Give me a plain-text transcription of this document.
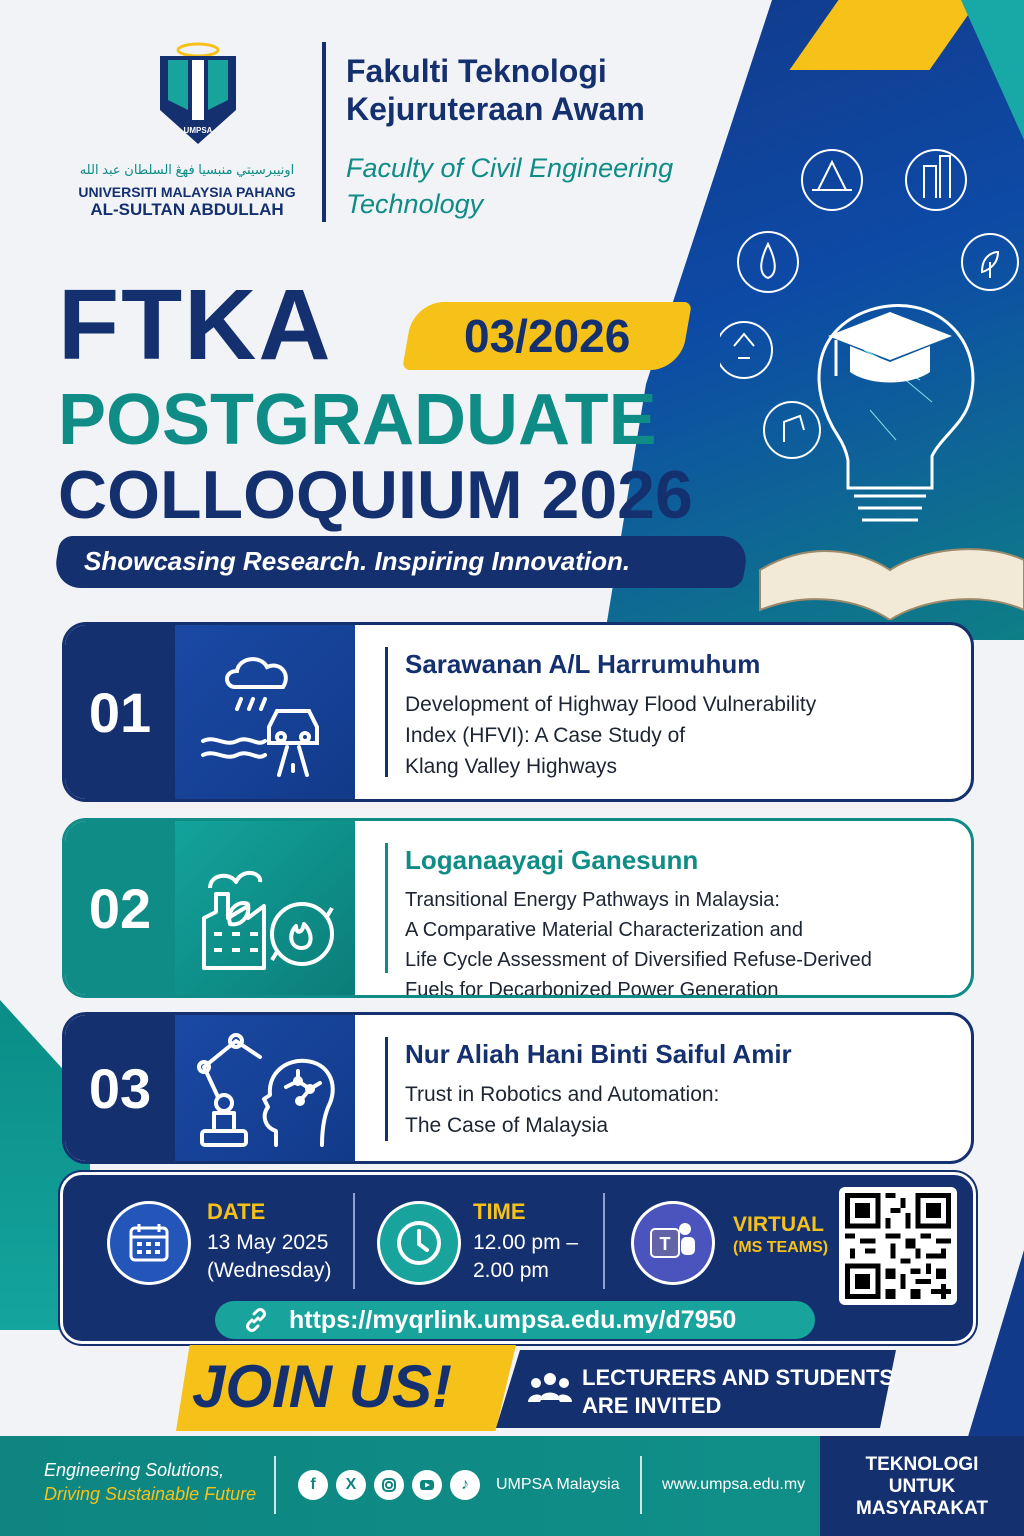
UMPSA
اونيبرسيتي منبسيا فهڠ السلطان عبد الله
UNIVERSITI MALAYSIA PAHANG
AL-SULTAN ABDULLAH
Fakulti Teknologi
Kejuruteraan Awam
Faculty of Civil Engineering
Technology
FTKA	03/2026
POSTGRADUATE
COLLOQUIUM 2026
Showcasing Research. Inspiring Innovation.
01
Sarawanan A/L Harrumuhum
Development of Highway Flood Vulnerability
Index (HFVI): A Case Study of
Klang Valley Highways
02
Loganaayagi Ganesunn
Transitional Energy Pathways in Malaysia:
A Comparative Material Characterization and
Life Cycle Assessment of Diversified Refuse-Derived
Fuels for Decarbonized Power Generation
03
Nur Aliah Hani Binti Saiful Amir
Trust in Robotics and Automation:
The Case of Malaysia
DATE
13 May 2025
(Wednesday)
TIME
12.00 pm –
2.00 pm
T
VIRTUAL
(MS TEAMS)
https://myqrlink.umpsa.edu.my/d7950
JOIN US!	LECTURERS AND STUDENTS
ARE INVITED
Engineering Solutions,
Driving Sustainable Future	f	X	♪	UMPSA Malaysia	www.umpsa.edu.my
TEKNOLOGI
UNTUK
MASYARAKAT
